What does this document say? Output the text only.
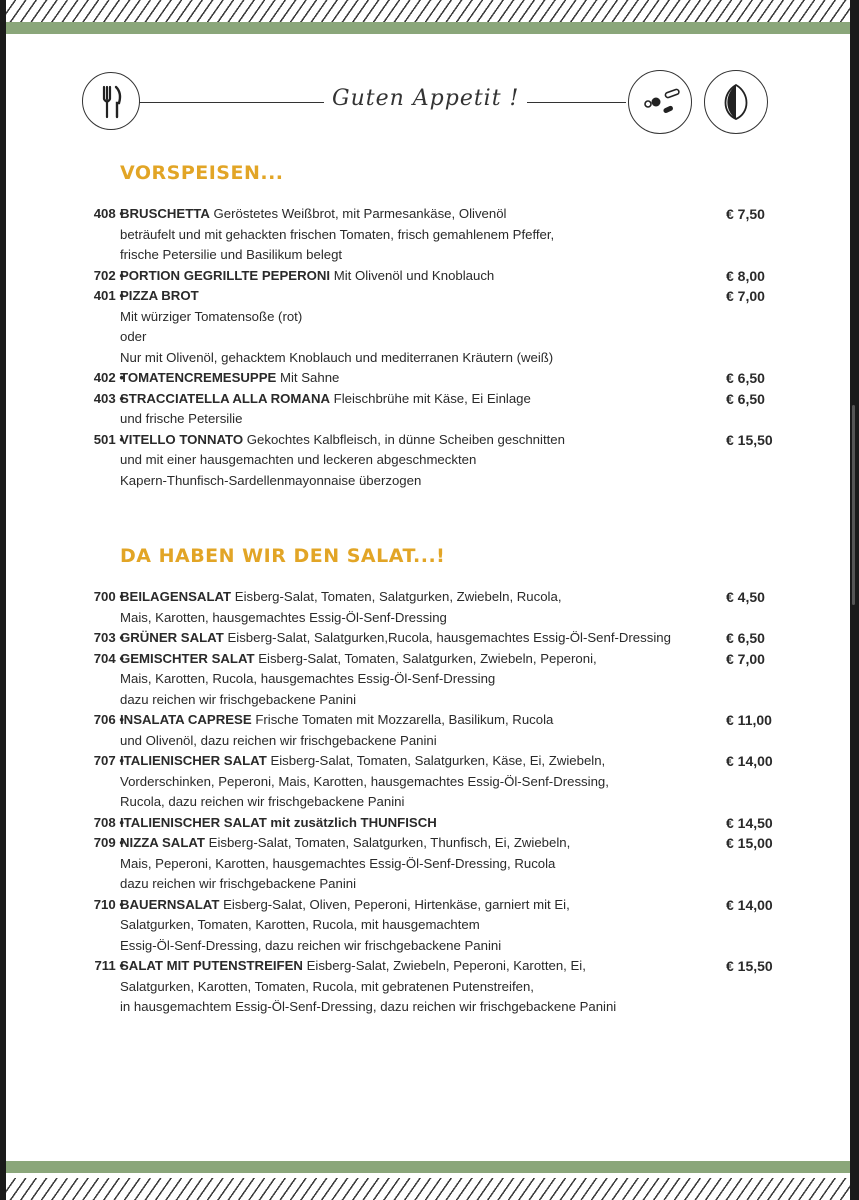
Guten Appetit !
VORSPEISEN...
408 •
BRUSCHETTA Geröstetes Weißbrot, mit Parmesankäse, Olivenöl	€ 7,50
beträufelt und mit gehackten frischen Tomaten, frisch gemahlenem Pfeffer,
frische Petersilie und Basilikum belegt
702 •
PORTION GEGRILLTE PEPERONI Mit Olivenöl und Knoblauch	€ 8,00
401 •
PIZZA BROT	€ 7,00
Mit würziger Tomatensoße (rot)
oder
Nur mit Olivenöl, gehacktem Knoblauch und mediterranen Kräutern (weiß)
402 •
TOMATENCREMESUPPE Mit Sahne	€ 6,50
403 •
STRACCIATELLA ALLA ROMANA Fleischbrühe mit Käse, Ei Einlage	€ 6,50
und frische Petersilie
501 •
VITELLO TONNATO Gekochtes Kalbfleisch, in dünne Scheiben geschnitten	€ 15,50
und mit einer hausgemachten und leckeren abgeschmeckten
Kapern-Thunfisch-Sardellenmayonnaise überzogen
DA HABEN WIR DEN SALAT...!
700 •
BEILAGENSALAT Eisberg-Salat, Tomaten, Salatgurken, Zwiebeln, Rucola,	€ 4,50
Mais, Karotten, hausgemachtes Essig-Öl-Senf-Dressing
703 •
GRÜNER SALAT Eisberg-Salat, Salatgurken,Rucola, hausgemachtes Essig-Öl-Senf-Dressing	€ 6,50
704 •
GEMISCHTER SALAT Eisberg-Salat, Tomaten, Salatgurken, Zwiebeln, Peperoni,	€ 7,00
Mais, Karotten, Rucola, hausgemachtes Essig-Öl-Senf-Dressing
dazu reichen wir frischgebackene Panini
706 •
INSALATA CAPRESE Frische Tomaten mit Mozzarella, Basilikum, Rucola	€ 11,00
und Olivenöl, dazu reichen wir frischgebackene Panini
707 •
ITALIENISCHER SALAT Eisberg-Salat, Tomaten, Salatgurken, Käse, Ei, Zwiebeln,	€ 14,00
Vorderschinken, Peperoni, Mais, Karotten, hausgemachtes Essig-Öl-Senf-Dressing,
Rucola, dazu reichen wir frischgebackene Panini
708 •
ITALIENISCHER SALAT mit zusätzlich THUNFISCH	€ 14,50
709 •
NIZZA SALAT Eisberg-Salat, Tomaten, Salatgurken, Thunfisch, Ei, Zwiebeln,	€ 15,00
Mais, Peperoni, Karotten, hausgemachtes Essig-Öl-Senf-Dressing, Rucola
dazu reichen wir frischgebackene Panini
710 •
BAUERNSALAT Eisberg-Salat, Oliven, Peperoni, Hirtenkäse, garniert mit Ei,	€ 14,00
Salatgurken, Tomaten, Karotten, Rucola, mit hausgemachtem
Essig-Öl-Senf-Dressing, dazu reichen wir frischgebackene Panini
711 •
SALAT MIT PUTENSTREIFEN Eisberg-Salat, Zwiebeln, Peperoni, Karotten, Ei,	€ 15,50
Salatgurken, Karotten, Tomaten, Rucola, mit gebratenen Putenstreifen,
in hausgemachtem Essig-Öl-Senf-Dressing, dazu reichen wir frischgebackene Panini
